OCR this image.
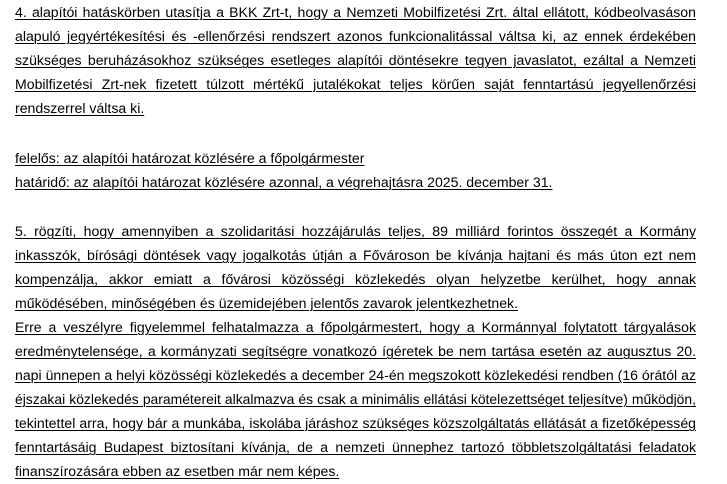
4. alapítói hatáskörben utasítja a BKK Zrt-t, hogy a Nemzeti Mobilfizetési Zrt. által ellátott, kódbeolvasáson
alapuló jegyértékesítési és -ellenőrzési rendszert azonos funkcionalitással váltsa ki, az ennek érdekében
szükséges beruházásokhoz szükséges esetleges alapítói döntésekre tegyen javaslatot, ezáltal a Nemzeti
Mobilfizetési Zrt-nek fizetett túlzott mértékű jutalékokat teljes körűen saját fenntartású jegyellenőrzési
rendszerrel váltsa ki.
felelős: az alapítói határozat közlésére a főpolgármester
határidő: az alapítói határozat közlésére azonnal, a végrehajtásra 2025. december 31.
5. rögzíti, hogy amennyiben a szolidaritási hozzájárulás teljes, 89 milliárd forintos összegét a Kormány
inkasszók, bírósági döntések vagy jogalkotás útján a Fővároson be kívánja hajtani és más úton ezt nem
kompenzálja, akkor emiatt a fővárosi közösségi közlekedés olyan helyzetbe kerülhet, hogy annak
működésében, minőségében és üzemidejében jelentős zavarok jelentkezhetnek.
Erre a veszélyre figyelemmel felhatalmazza a főpolgármestert, hogy a Kormánnyal folytatott tárgyalások
eredménytelensége, a kormányzati segítségre vonatkozó ígéretek be nem tartása esetén az augusztus 20.
napi ünnepen a helyi közösségi közlekedés a december 24-én megszokott közlekedési rendben (16 órától az
éjszakai közlekedés paramétereit alkalmazva és csak a minimális ellátási kötelezettséget teljesítve) működjön,
tekintettel arra, hogy bár a munkába, iskolába járáshoz szükséges közszolgáltatás ellátását a fizetőképesség
fenntartásáig Budapest biztosítani kívánja, de a nemzeti ünnephez tartozó többletszolgáltatási feladatok
finanszírozására ebben az esetben már nem képes.
